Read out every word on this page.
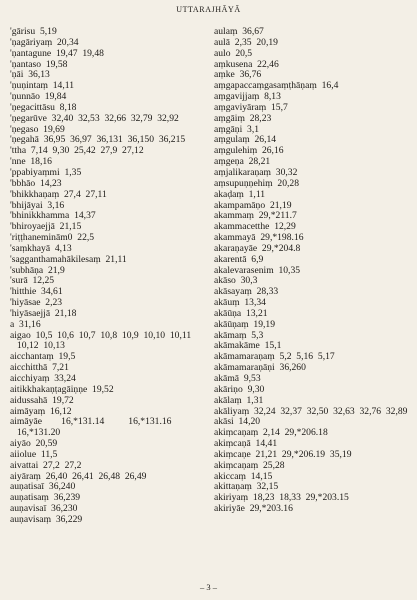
UTTARAJHĀYĀ
'gārisu  5,19
'ṇagāriyaṃ  20,34
'ṇantagune  19,47  19,48
'ṇantaso  19,58
'ṇāi  36,13
'ṇuṇintaṃ  14,11
'ṇunnāo  19,84
'ṇegacittāsu  8,18
'ṇegarūve  32,40  32,53  32,66  32,79  32,92
'ṇegaso  19,69
'ṇegahā  36,95  36,97  36,131  36,150  36,215
'ttha  7,14  9,30  25,42  27,9  27,12
'nne  18,16
'ppabiyaṃmi  1,35
'bbhāo  14,23
'bhikkhaṇaṃ  27,4  27,11
'bhijāyai  3,16
'bhinikkhamma  14,37
'bhiroyaejjā  21,15
'riṭṭhaneminām0  22,5
'saṃkhayā  4,13
'sagganthamahākilesaṃ  21,11
'subhāṇa  21,9
'surā  12,25
'hitthie  34,61
'hiyāsae  2,23
'hiyāsaejjā  21,18
a  31,16
aigao  10,5  10,6  10,7  10,8  10,9  10,10  10,11  10,12  10,13
aicchantaṃ  19,5
aicchitthā  7,21
aicchiyaṃ  33,24
aitikkhakaṇṭagāiṇṇe  19,52
aidussahā  19,72
aimāyaṃ  16,12
aimāyāe        16,*131.14          16,*131.16  16,*131.20
aiyāo  20,59
aiiolue  11,5
aivattai  27,2  27,2
aiyāraṃ  26,40  26,41  26,48  26,49
auṇatisaī  36,240
auṇatisaṃ  36,239
auṇavisaī  36,230
auṇavisaṃ  36,229
aulaṃ  36,67
aulā  2,35  20,19
aulo  20,5
aṃkusena  22,46
aṃke  36,76
aṃgapaccaṃgasaṃṭhāṇaṃ  16,4
aṃgavijjaṃ  8,13
aṃgaviyāraṃ  15,7
aṃgāiṃ  28,23
aṃgāṇi  3,1
aṃgulaṃ  26,14
aṃgulehiṃ  26,16
aṃgeṇa  28,21
aṃjalikaraṇaṃ  30,32
aṃsupuṇṇehiṃ  20,28
akaḍaṃ  1,11
akampamāṇo  21,19
akammaṃ  29,*211.7
akammacetthe  12,29
akammayā  29,*198.16
akaraṇayāe  29,*204.8
akarentā  6,9
akalevarasenim  10,35
akāso  30,3
akāsayaṃ  28,33
akāuṃ  13,34
akāūṇa  13,21
akāūṇaṃ  19,19
akāmaṃ  5,3
akāmakāme  15,1
akāmamaraṇaṃ  5,2  5,16  5,17
akāmamaraṇāṇi  36,260
akāmā  9,53
akāriṇo  9,30
akālaṃ  1,31
akāliyaṃ  32,24  32,37  32,50  32,63  32,76  32,89
akāsi  14,20
akiṃcaṇaṃ  2,14  29,*206.18
akiṃcaṇā  14,41
akiṃcaṇe  21,21  29,*206.19  35,19
akiṃcaṇaṃ  25,28
akiccaṃ  14,15
akittaṇaṃ  32,15
akiriyaṃ  18,23  18,33  29,*203.15
akiriyāe  29,*203.16
– 3 –
